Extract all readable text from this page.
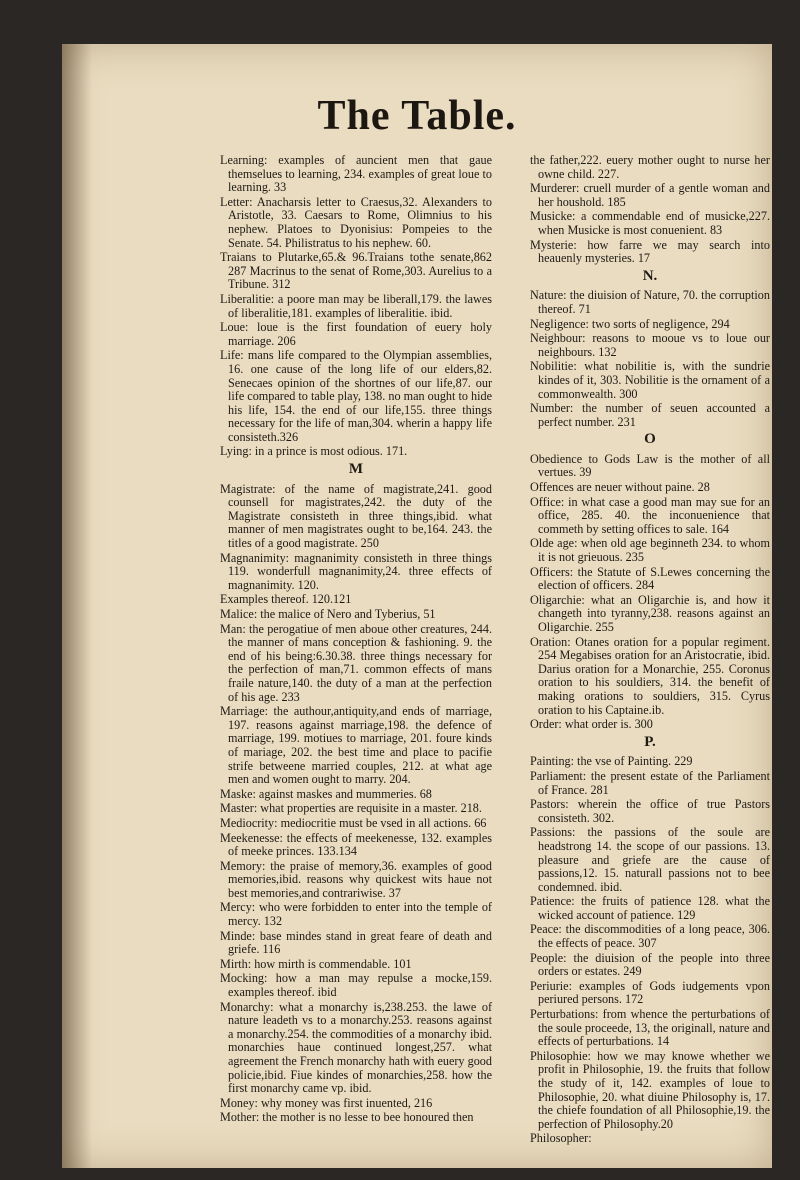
The Table.
Learning: examples of auncient men that gaue themselues to learning, 234. examples of great loue to learning. 33
Letter: Anacharsis letter to Craesus,32. Alexanders to Aristotle, 33. Caesars to Rome, Olimnius to his nephew. Platoes to Dyonisius: Pompeies to the Senate. 54. Philistratus to his nephew. 60.
Traians to Plutarke,65.& 96.Traians tothe senate,862 287 Macrinus to the senat of Rome,303. Aurelius to a Tribune. 312
Liberalitie: a poore man may be liberall,179. the lawes of liberalitie,181. examples of liberalitie. ibid.
Loue: loue is the first foundation of euery holy marriage. 206
Life: mans life compared to the Olympian assemblies, 16. one cause of the long life of our elders,82. Senecaes opinion of the shortnes of our life,87. our life compared to table play, 138. no man ought to hide his life, 154. the end of our life,155. three things necessary for the life of man,304. wherin a happy life consisteth.326
Lying: in a prince is most odious. 171.
M
Magistrate: of the name of magistrate,241. good counsell for magistrates,242. the duty of the Magistrate consisteth in three things,ibid. what manner of men magistrates ought to be,164. 243. the titles of a good magistrate. 250
Magnanimity: magnanimity consisteth in three things 119. wonderfull magnanimity,24. three effects of magnanimity. 120.
Examples thereof. 120.121
Malice: the malice of Nero and Tyberius, 51
Man: the perogatiue of men aboue other creatures, 244. the manner of mans conception & fashioning. 9. the end of his being:6.30.38. three things necessary for the perfection of man,71. common effects of mans fraile nature,140. the duty of a man at the perfection of his age. 233
Marriage: the authour,antiquity,and ends of marriage, 197. reasons against marriage,198. the defence of marriage, 199. motiues to marriage, 201. foure kinds of mariage, 202. the best time and place to pacifie strife betweene married couples, 212. at what age men and women ought to marry. 204.
Maske: against maskes and mummeries. 68
Master: what properties are requisite in a master. 218.
Mediocrity: mediocritie must be vsed in all actions. 66
Meekenesse: the effects of meekenesse, 132. examples of meeke princes. 133.134
Memory: the praise of memory,36. examples of good memories,ibid. reasons why quickest wits haue not best memories,and contrariwise. 37
Mercy: who were forbidden to enter into the temple of mercy. 132
Minde: base mindes stand in great feare of death and griefe. 116
Mirth: how mirth is commendable. 101
Mocking: how a man may repulse a mocke,159. examples thereof. ibid
Monarchy: what a monarchy is,238.253. the lawe of nature leadeth vs to a monarchy.253. reasons against a monarchy.254. the commodities of a monarchy ibid. monarchies haue continued longest,257. what agreement the French monarchy hath with euery good policie,ibid. Fiue kindes of monarchies,258. how the first monarchy came vp. ibid.
Money: why money was first inuented, 216
Mother: the mother is no lesse to bee honoured then
the father,222. euery mother ought to nurse her owne child. 227.
Murderer: cruell murder of a gentle woman and her houshold. 185
Musicke: a commendable end of musicke,227. when Musicke is most conuenient. 83
Mysterie: how farre we may search into heauenly mysteries. 17
N.
Nature: the diuision of Nature, 70. the corruption thereof. 71
Negligence: two sorts of negligence, 294
Neighbour: reasons to mooue vs to loue our neighbours. 132
Nobilitie: what nobilitie is, with the sundrie kindes of it, 303. Nobilitie is the ornament of a commonwealth. 300
Number: the number of seuen accounted a perfect number. 231
O
Obedience to Gods Law is the mother of all vertues. 39
Offences are neuer without paine. 28
Office: in what case a good man may sue for an office, 285. 40. the inconuenience that commeth by setting offices to sale. 164
Olde age: when old age beginneth 234. to whom it is not grieuous. 235
Officers: the Statute of S.Lewes concerning the election of officers. 284
Oligarchie: what an Oligarchie is, and how it changeth into tyranny,238. reasons against an Oligarchie. 255
Oration: Otanes oration for a popular regiment. 254 Megabises oration for an Aristocratie, ibid. Darius oration for a Monarchie, 255. Coronus oration to his souldiers, 314. the benefit of making orations to souldiers, 315. Cyrus oration to his Captaine.ib.
Order: what order is. 300
P.
Painting: the vse of Painting. 229
Parliament: the present estate of the Parliament of France. 281
Pastors: wherein the office of true Pastors consisteth. 302.
Passions: the passions of the soule are headstrong 14. the scope of our passions. 13. pleasure and griefe are the cause of passions,12. 15. naturall passions not to bee condemned. ibid.
Patience: the fruits of patience 128. what the wicked account of patience. 129
Peace: the discommodities of a long peace, 306. the effects of peace. 307
People: the diuision of the people into three orders or estates. 249
Periurie: examples of Gods iudgements vpon periured persons. 172
Perturbations: from whence the perturbations of the soule proceede, 13, the originall, nature and effects of perturbations. 14
Philosophie: how we may knowe whether we profit in Philosophie, 19. the fruits that follow the study of it, 142. examples of loue to Philosophie, 20. what diuine Philosophy is, 17. the chiefe foundation of all Philosophie,19. the perfection of Philosophy.20
Philosopher:
